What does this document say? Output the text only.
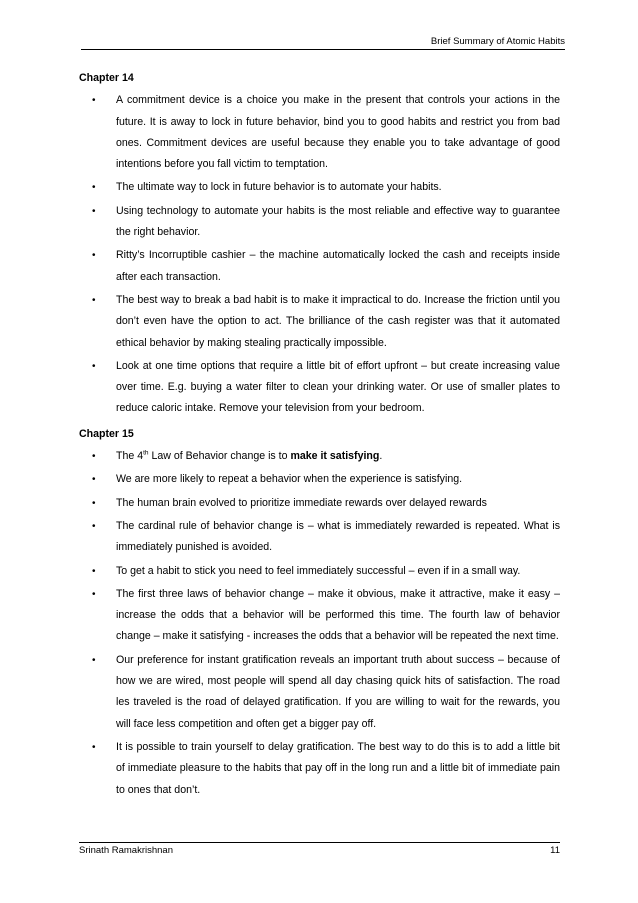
Brief Summary of Atomic Habits
Chapter 14
• A commitment device is a choice you make in the present that controls your actions in the future. It is away to lock in future behavior, bind you to good habits and restrict you from bad ones. Commitment devices are useful because they enable you to take advantage of good intentions before you fall victim to temptation.
• The ultimate way to lock in future behavior is to automate your habits.
• Using technology to automate your habits is the most reliable and effective way to guarantee the right behavior.
• Ritty’s Incorruptible cashier – the machine automatically locked the cash and receipts inside after each transaction.
• The best way to break a bad habit is to make it impractical to do. Increase the friction until you don’t even have the option to act. The brilliance of the cash register was that it automated ethical behavior by making stealing practically impossible.
• Look at one time options that require a little bit of effort upfront – but create increasing value over time. E.g. buying a water filter to clean your drinking water. Or use of smaller plates to reduce caloric intake. Remove your television from your bedroom.
Chapter 15
• The 4th Law of Behavior change is to make it satisfying.
• We are more likely to repeat a behavior when the experience is satisfying.
• The human brain evolved to prioritize immediate rewards over delayed rewards
• The cardinal rule of behavior change is – what is immediately rewarded is repeated. What is immediately punished is avoided.
• To get a habit to stick you need to feel immediately successful – even if in a small way.
• The first three laws of behavior change – make it obvious, make it attractive, make it easy – increase the odds that a behavior will be performed this time. The fourth law of behavior change – make it satisfying - increases the odds that a behavior will be repeated the next time.
• Our preference for instant gratification reveals an important truth about success – because of how we are wired, most people will spend all day chasing quick hits of satisfaction. The road les traveled is the road of delayed gratification. If you are willing to wait for the rewards, you will face less competition and often get a bigger pay off.
• It is possible to train yourself to delay gratification. The best way to do this is to add a little bit of immediate pleasure to the habits that pay off in the long run and a little bit of immediate pain to ones that don’t.
Srinath Ramakrishnan	11
